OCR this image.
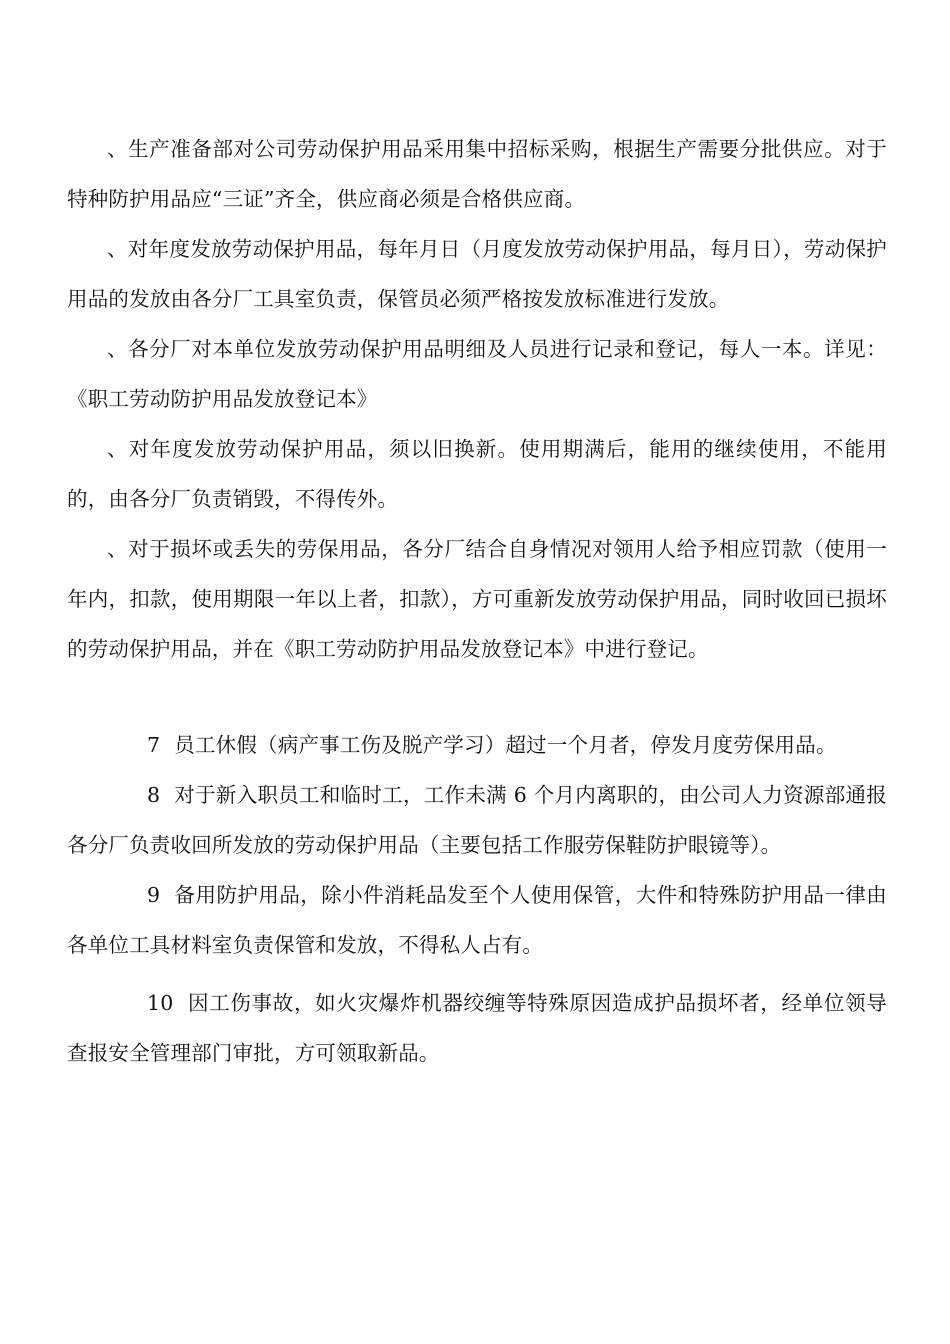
、生产准备部对公司劳动保护用品采用集中招标采购，根据生产需要分批供应。对于特种防护用品应“三证”齐全，供应商必须是合格供应商。

、对年度发放劳动保护用品，每年月日（月度发放劳动保护用品，每月日），劳动保护用品的发放由各分厂工具室负责，保管员必须严格按发放标准进行发放。

、各分厂对本单位发放劳动保护用品明细及人员进行记录和登记，每人一本。详见：《职工劳动防护用品发放登记本》

、对年度发放劳动保护用品，须以旧换新。使用期满后，能用的继续使用，不能用的，由各分厂负责销毁，不得传外。

、对于损坏或丢失的劳保用品，各分厂结合自身情况对领用人给予相应罚款（使用一年内，扣款，使用期限一年以上者，扣款），方可重新发放劳动保护用品，同时收回已损坏的劳动保护用品，并在《职工劳动防护用品发放登记本》中进行登记。

7 员工休假（病产事工伤及脱产学习）超过一个月者，停发月度劳保用品。

8 对于新入职员工和临时工，工作未满 6 个月内离职的，由公司人力资源部通报各分厂负责收回所发放的劳动保护用品（主要包括工作服劳保鞋防护眼镜等）。

9 备用防护用品，除小件消耗品发至个人使用保管，大件和特殊防护用品一律由各单位工具材料室负责保管和发放，不得私人占有。

10 因工伤事故，如火灾爆炸机器绞缠等特殊原因造成护品损坏者，经单位领导查报安全管理部门审批，方可领取新品。
